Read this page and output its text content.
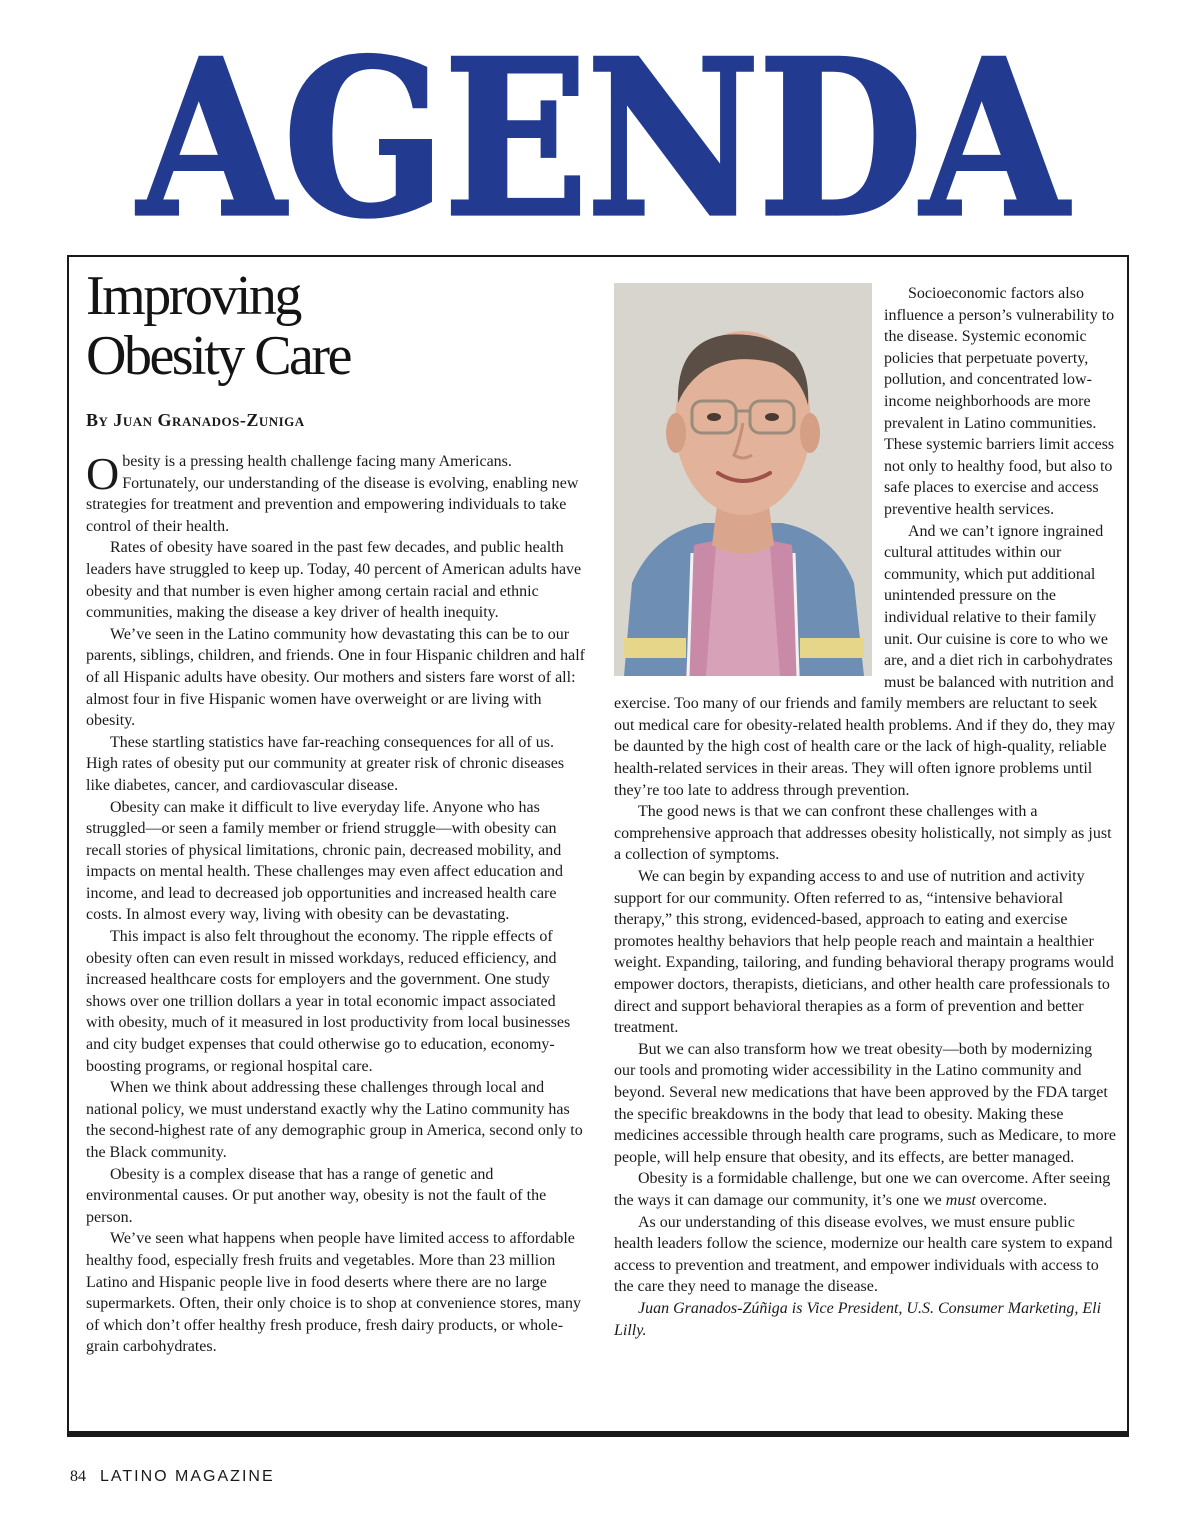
AGENDA
Improving
Obesity Care
By Juan Granados-Zuniga

Obesity is a pressing health challenge facing many Americans. Fortunately, our understanding of the disease is evolving, enabling new strategies for treatment and prevention and empowering individuals to take control of their health.

Rates of obesity have soared in the past few decades, and public health leaders have struggled to keep up. Today, 40 percent of American adults have obesity and that number is even higher among certain racial and ethnic communities, making the disease a key driver of health inequity.

We’ve seen in the Latino community how devastating this can be to our parents, siblings, children, and friends. One in four Hispanic children and half of all Hispanic adults have obesity. Our mothers and sisters fare worst of all: almost four in five Hispanic women have overweight or are living with obesity.

These startling statistics have far-reaching consequences for all of us. High rates of obesity put our community at greater risk of chronic diseases like diabetes, cancer, and cardiovascular disease.

Obesity can make it difficult to live everyday life. Anyone who has struggled—or seen a family member or friend struggle—with obesity can recall stories of physical limitations, chronic pain, decreased mobility, and impacts on mental health. These challenges may even affect education and income, and lead to decreased job opportunities and increased health care costs. In almost every way, living with obesity can be devastating.

This impact is also felt throughout the economy. The ripple effects of obesity often can even result in missed workdays, reduced efficiency, and increased healthcare costs for employers and the government. One study shows over one trillion dollars a year in total economic impact associated with obesity, much of it measured in lost productivity from local businesses and city budget expenses that could otherwise go to education, economy-boosting programs, or regional hospital care.

When we think about addressing these challenges through local and national policy, we must understand exactly why the Latino community has the second-highest rate of any demographic group in America, second only to the Black community.

Obesity is a complex disease that has a range of genetic and environmental causes. Or put another way, obesity is not the fault of the person.

We’ve seen what happens when people have limited access to affordable healthy food, especially fresh fruits and vegetables. More than 23 million Latino and Hispanic people live in food deserts where there are no large supermarkets. Often, their only choice is to shop at convenience stores, many of which don’t offer healthy fresh produce, fresh dairy products, or whole-grain carbohydrates.

Socioeconomic factors also influence a person’s vulnerability to the disease. Systemic economic policies that perpetuate poverty, pollution, and concentrated low-income neighborhoods are more prevalent in Latino communities. These systemic barriers limit access not only to healthy food, but also to safe places to exercise and access preventive health services.

And we can’t ignore ingrained cultural attitudes within our community, which put additional unintended pressure on the individual relative to their family unit. Our cuisine is core to who we are, and a diet rich in carbohydrates must be balanced with nutrition and exercise. Too many of our friends and family members are reluctant to seek out medical care for obesity-related health problems. And if they do, they may be daunted by the high cost of health care or the lack of high-quality, reliable health-related services in their areas. They will often ignore problems until they’re too late to address through prevention.

The good news is that we can confront these challenges with a comprehensive approach that addresses obesity holistically, not simply as just a collection of symptoms.

We can begin by expanding access to and use of nutrition and activity support for our community. Often referred to as, “intensive behavioral therapy,” this strong, evidenced-based, approach to eating and exercise promotes healthy behaviors that help people reach and maintain a healthier weight. Expanding, tailoring, and funding behavioral therapy programs would empower doctors, therapists, dieticians, and other health care professionals to direct and support behavioral therapies as a form of prevention and better treatment.

But we can also transform how we treat obesity—both by modernizing our tools and promoting wider accessibility in the Latino community and beyond. Several new medications that have been approved by the FDA target the specific breakdowns in the body that lead to obesity. Making these medicines accessible through health care programs, such as Medicare, to more people, will help ensure that obesity, and its effects, are better managed.

Obesity is a formidable challenge, but one we can overcome. After seeing the ways it can damage our community, it’s one we must overcome.

As our understanding of this disease evolves, we must ensure public health leaders follow the science, modernize our health care system to expand access to prevention and treatment, and empower individuals with access to the care they need to manage the disease.

Juan Granados-Zúñiga is Vice President, U.S. Consumer Marketing, Eli Lilly.

84 LATINO MAGAZINE
